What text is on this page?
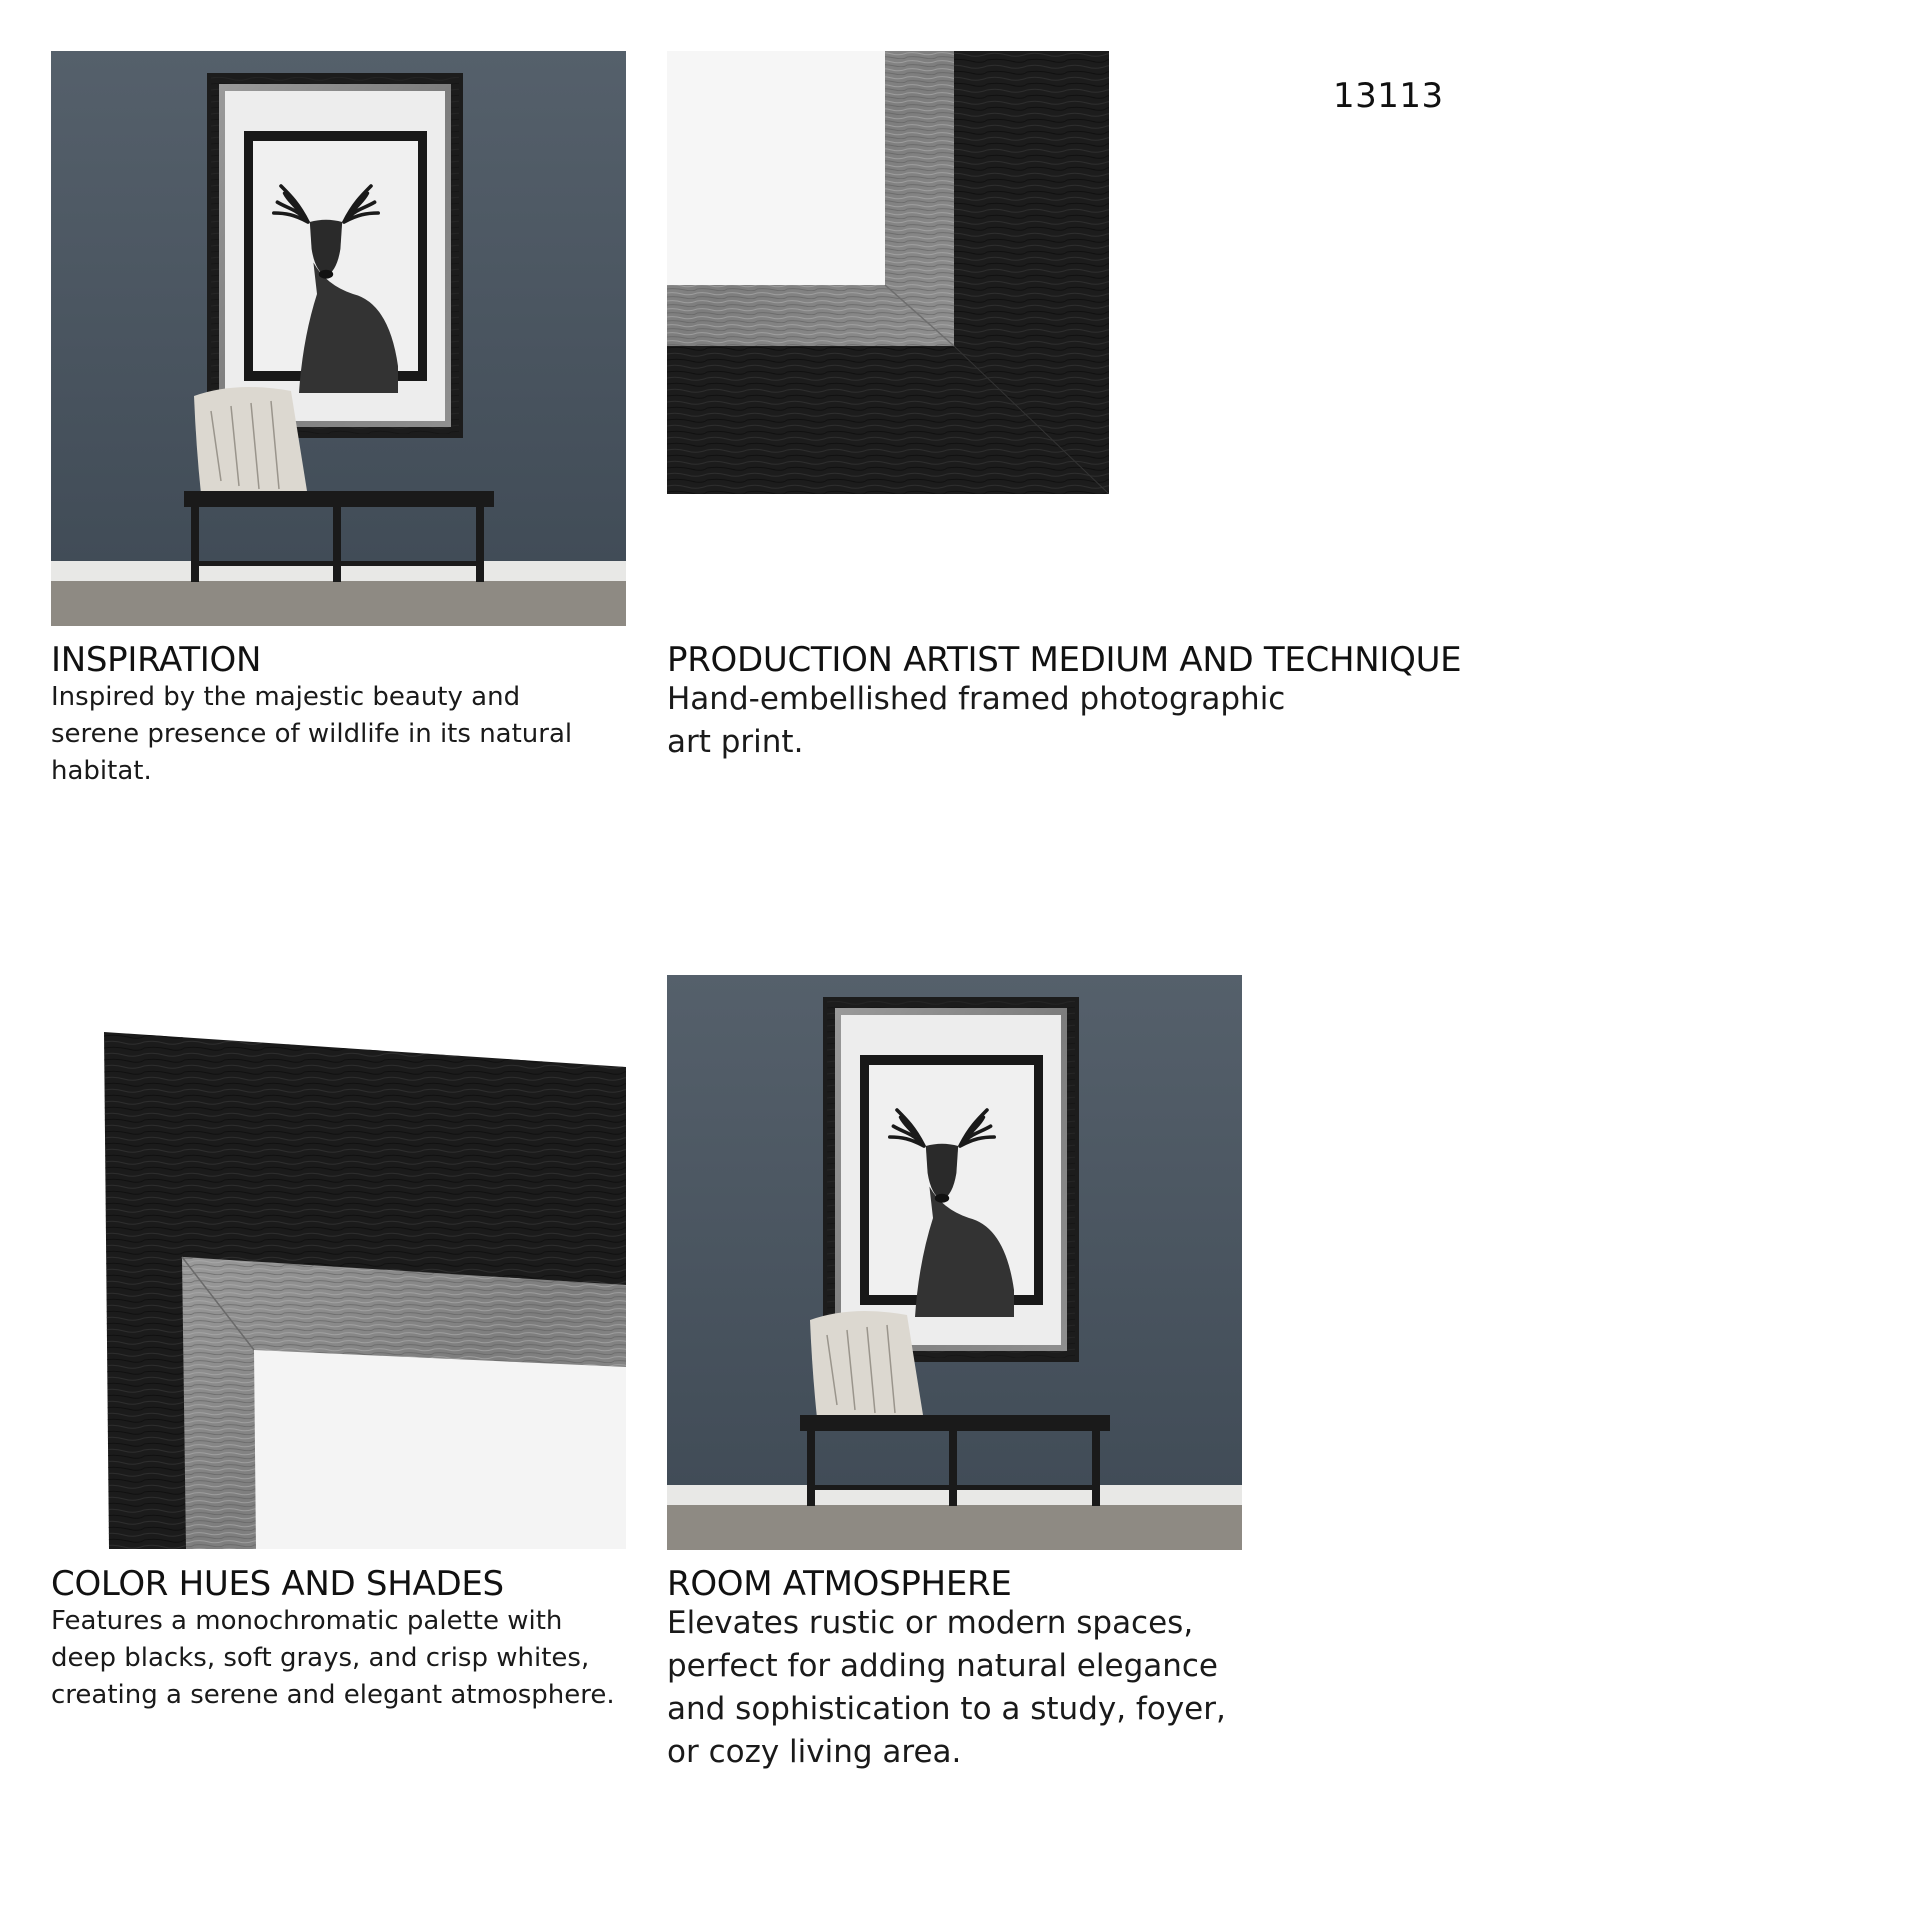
13113
INSPIRATION
Inspired by the majestic beauty and serene presence of wildlife in its natural habitat.
PRODUCTION ARTIST MEDIUM AND TECHNIQUE
Hand-embellished framed photographic
art print.
COLOR HUES AND SHADES
Features a monochromatic palette with deep blacks, soft grays, and crisp whites, creating a serene and elegant atmosphere.
ROOM ATMOSPHERE
Elevates rustic or modern spaces, perfect for adding natural elegance and sophistication to a study, foyer, or cozy living area.
